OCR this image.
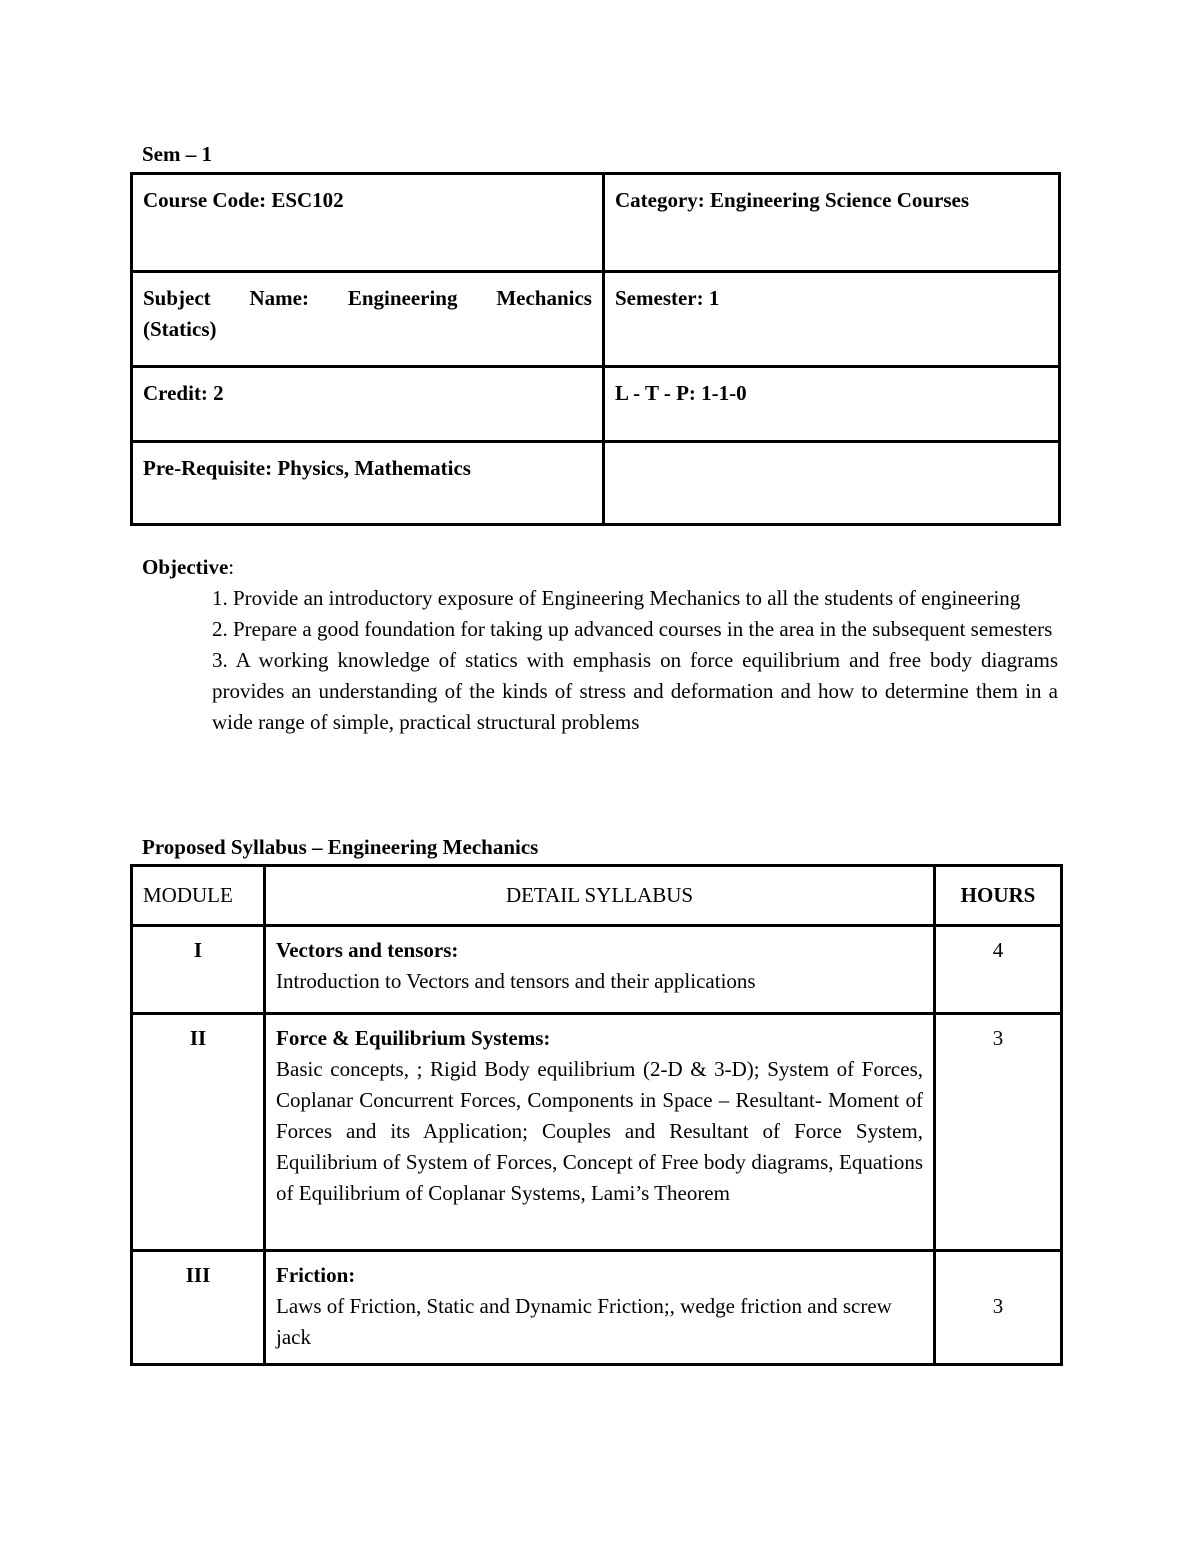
Sem – 1
Course Code: ESC102	Category: Engineering Science Courses

Subject Name: Engineering Mechanics
(Statics)	Semester: 1
Credit: 2	L - T - P: 1-1-0
Pre-Requisite: Physics, Mathematics	
Objective:

1. Provide an introductory exposure of Engineering Mechanics to all the students of engineering

2. Prepare a good foundation for taking up advanced courses in the area in the subsequent semesters

3. A working knowledge of statics with emphasis on force equilibrium and free body diagrams provides an understanding of the kinds of stress and deformation and how to determine them in a wide range of simple, practical structural problems

Proposed Syllabus – Engineering Mechanics
MODULE	DETAIL SYLLABUS	HOURS
I	Vectors and tensors:
Introduction to Vectors and tensors and their applications	4
II	Force & Equilibrium Systems:
Basic concepts, ; Rigid Body equilibrium (2-D & 3-D); System of Forces, Coplanar Concurrent Forces, Components in Space – Resultant- Moment of Forces and its Application; Couples and Resultant of Force System, Equilibrium of System of Forces, Concept of Free body diagrams, Equations of Equilibrium of Coplanar Systems, Lami’s Theorem	3
III	Friction:
Laws of Friction, Static and Dynamic Friction;, wedge friction and screw jack	3
